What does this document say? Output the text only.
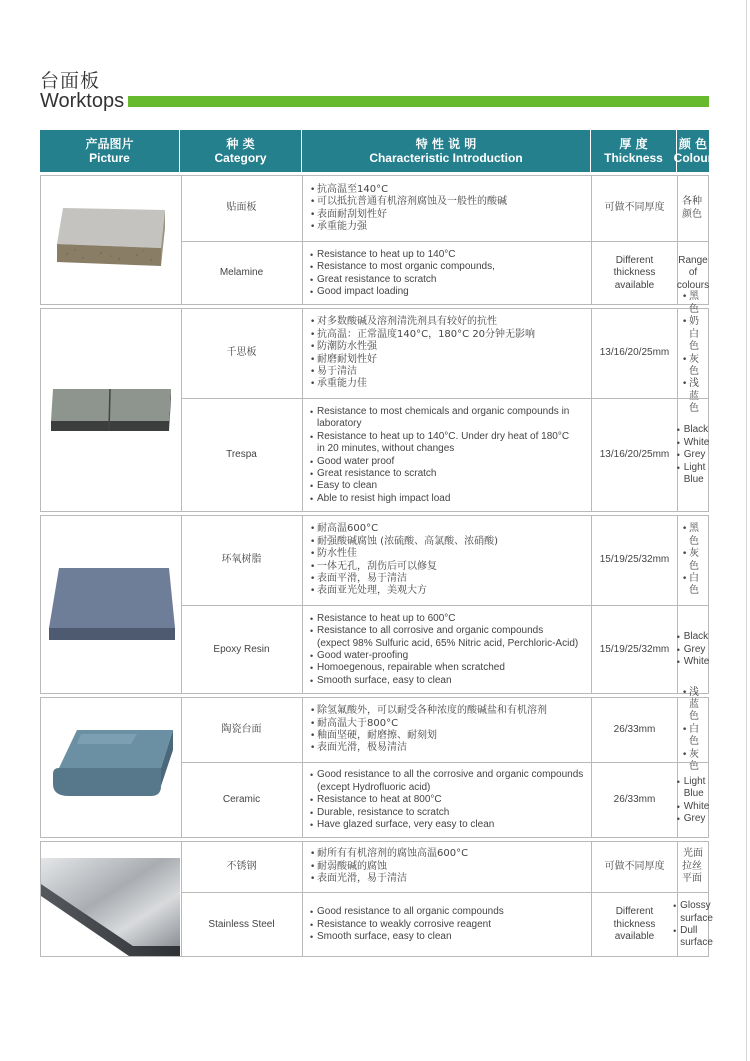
台面板
Worktops
产品图片
Picture
种 类
Category
特 性 说 明
Characteristic Introduction
厚 度
Thickness
颜 色
Colour
贴面板
• 抗高温至140°C
• 可以抵抗普通有机溶剂腐蚀及一般性的酸碱
• 表面耐刮划性好
• 承重能力强
可做不同厚度
各种颜色
Melamine
• Resistance to heat up to 140°C
• Resistance to most organic compounds,
• Great resistance to scratch
• Good impact loading
Different thickness available
Range of colours
千思板
• 对多数酸碱及溶剂清洗剂具有较好的抗性
• 抗高温：正常温度140°C，180°C 20分钟无影响
• 防潮防水性强
• 耐磨耐划性好
• 易于清洁
• 承重能力佳
13/16/20/25mm
• 黑色
• 奶白色
• 灰色
• 浅蓝色
Trespa
• Resistance to most chemicals and organic compounds in
laboratory
• Resistance to heat up to 140°C. Under dry heat of 180°C
in 20 minutes, without changes
• Good water proof
• Great resistance to scratch
• Easy to clean
• Able to resist high impact load
13/16/20/25mm
• Black
• White
• Grey
• Light Blue
环氧树脂
• 耐高温600°C
• 耐强酸碱腐蚀 (浓硫酸、高氯酸、浓硝酸)
• 防水性佳
• 一体无孔，刮伤后可以修复
• 表面平滑，易于清洁
• 表面亚光处理，美观大方
15/19/25/32mm
• 黑色
• 灰色
• 白色
Epoxy Resin
• Resistance to heat up to 600°C
• Resistance to all corrosive and organic compounds
(expect 98% Sulfuric acid, 65% Nitric acid, Perchloric-Acid)
• Good water-proofing
• Homoegenous, repairable when scratched
• Smooth surface, easy to clean
15/19/25/32mm
• Black
• Grey
• White
陶瓷台面
• 除氢氟酸外，可以耐受各种浓度的酸碱盐和有机溶剂
• 耐高温大于800°C
• 釉面坚硬，耐磨擦、耐刻划
• 表面光滑，极易清洁
26/33mm
• 浅蓝色
• 白色
• 灰色
Ceramic
• Good resistance to all the corrosive and organic compounds
(except Hydrofluoric acid)
• Resistance to heat at 800°C
• Durable, resistance to scratch
• Have glazed surface, very easy to clean
26/33mm
• Light Blue
• White
• Grey
不锈钢
• 耐所有有机溶剂的腐蚀高温600°C
• 耐弱酸碱的腐蚀
• 表面光滑，易于清洁
可做不同厚度
光面
拉丝平面
Stainless Steel
• Good resistance to all organic compounds
• Resistance to weakly corrosive reagent
• Smooth surface, easy to clean
Different thickness available
• Glossy surface
• Dull surface
